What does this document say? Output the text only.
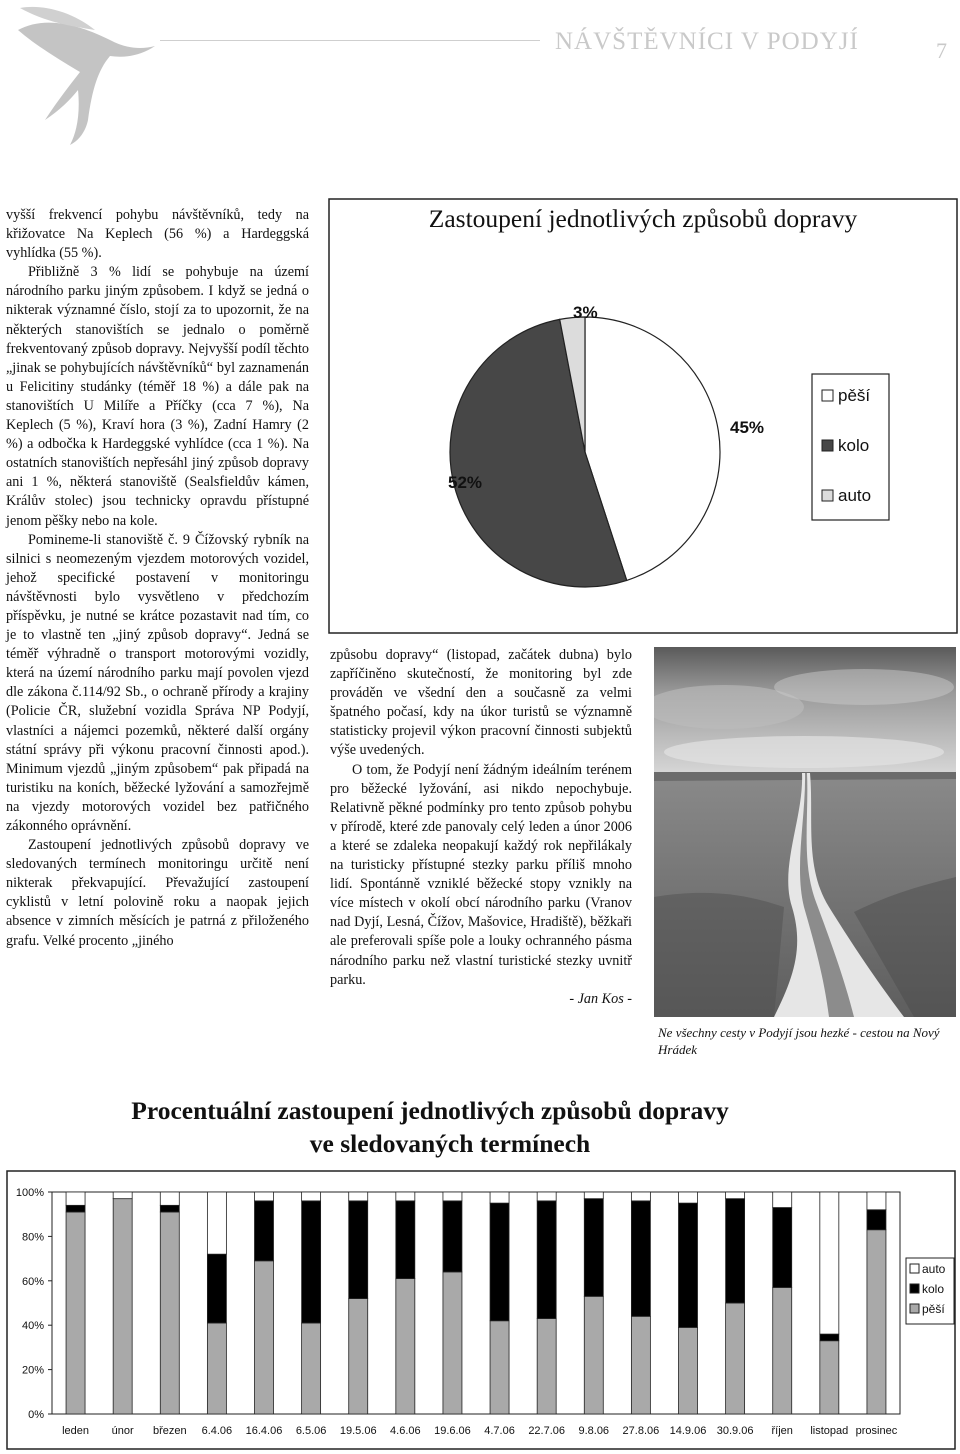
NÁVŠTĚVNÍCI V PODYJÍ	7

vyšší frekvencí pohybu návštěvníků, tedy na křižovatce Na Keplech (56 %) a Hardeggská vyhlídka (55 %).

Přibližně 3 % lidí se pohybuje na území národního parku jiným způsobem. I když se jedná o nikterak významné číslo, stojí za to upozornit, že na některých stanovištích se jednalo o poměrně frekventovaný způsob dopravy. Nejvyšší podíl těchto „jinak se pohybujících návštěvníků“ byl zaznamenán u Felicitiny studánky (téměř 18 %) a dále pak na stanovištích U Milíře a Příčky (cca 7 %), Na Keplech (5 %), Kraví hora (3 %), Zadní Hamry (2 %) a odbočka k Hardeggské vyhlídce (cca 1 %). Na ostatních stanovištích nepřesáhl jiný způsob dopravy ani 1 %, některá stanoviště (Sealsfieldův kámen, Králův stolec) jsou technicky opravdu přístupné jenom pěšky nebo na kole.

Pomineme-li stanoviště č. 9 Čížovský rybník na silnici s neomezeným vjezdem motorových vozidel, jehož specifické postavení v monitoringu návštěvnosti bylo vysvětleno v předchozím příspěvku, je nutné se krátce pozastavit nad tím, co je to vlastně ten „jiný způsob dopravy“. Jedná se téměř výhradně o transport motorovými vozidly, která na území národního parku mají povolen vjezd dle zákona č.114/92 Sb., o ochraně přírody a krajiny (Policie ČR, služební vozidla Správa NP Podyjí, vlastníci a nájemci pozemků, některé další orgány státní správy při výkonu pracovní činnosti apod.). Minimum vjezdů „jiným způsobem“ pak připadá na turistiku na koních, běžecké lyžování a samozřejmě na vjezdy motorových vozidel bez patřičného zákonného oprávnění.

Zastoupení jednotlivých způsobů dopravy ve sledovaných termínech monitoringu určitě není nikterak překvapující. Převažující zastoupení cyklistů v letní polovině roku a naopak jejich absence v zimních měsících je patrná z přiloženého grafu. Velké procento „jiného

Zastoupení jednotlivých způsobů dopravy
45%
52%
3%
pěší
kolo
auto

způsobu dopravy“ (listopad, začátek dubna) bylo zapříčiněno skutečností, že monitoring byl zde prováděn ve všední den a současně za velmi špatného počasí, kdy na úkor turistů se významně statisticky projevil výkon pracovní činnosti subjektů výše uvedených.

O tom, že Podyjí není žádným ideálním terénem pro běžecké lyžování, asi nikdo nepochybuje. Relativně pěkné podmínky pro tento způsob pohybu v přírodě, které zde panovaly celý leden a únor 2006 a které se zdaleka neopakují každý rok nepřilákaly na turisticky přístupné stezky parku příliš mnoho lidí. Spontánně vzniklé běžecké stopy vznikly na více místech v okolí obcí národního parku (Vranov nad Dyjí, Lesná, Čížov, Mašovice, Hradiště), běžkaři ale preferovali spíše pole a louky ochranného pásma národního parku než vlastní turistické stezky uvnitř parku.

- Jan Kos -

Ne všechny cesty v Podyjí jsou hezké - cestou na Nový Hrádek
Procentuální zastoupení jednotlivých způsobů dopravy
ve sledovaných termínech
0%
20%
40%
60%
80%
100%
leden únor březen 6.4.06 16.4.06 6.5.06 19.5.06 4.6.06 19.6.06 4.7.06 22.7.06 9.8.06 27.8.06 14.9.06 30.9.06 říjen listopad prosinec
auto
kolo
pěší
